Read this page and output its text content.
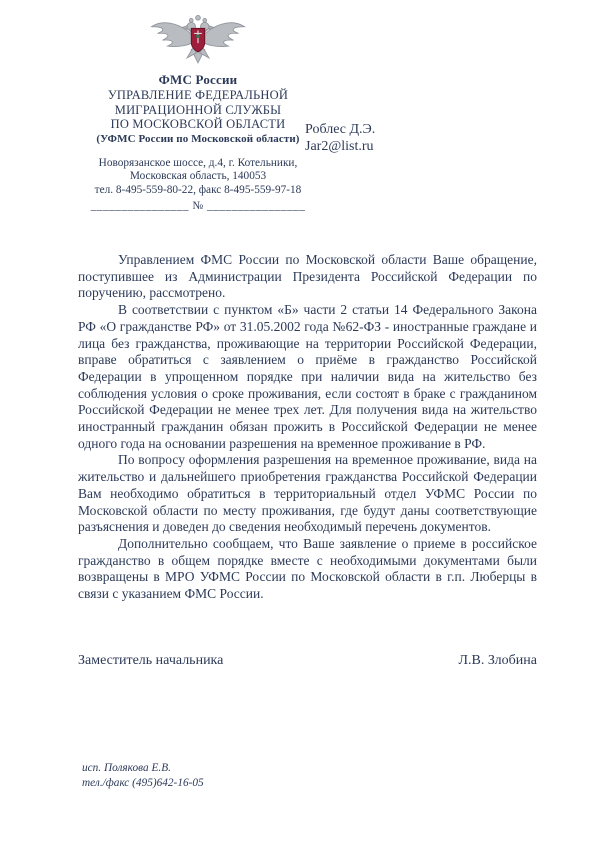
ФМС России
УПРАВЛЕНИЕ ФЕДЕРАЛЬНОЙ
МИГРАЦИОННОЙ СЛУЖБЫ
ПО МОСКОВСКОЙ ОБЛАСТИ
(УФМС России по Московской области)
Новорязанское шоссе, д.4, г. Котельники,
Московская область, 140053
тел. 8-495-559-80-22, факс 8-495-559-97-18
________________ № ________________
Роблес Д.Э.
Jar2@list.ru

Управлением ФМС России по Московской области Ваше обращение, поступившее из Администрации Президента Российской Федерации по поручению, рассмотрено.

В соответствии с пунктом «Б» части 2 статьи 14 Федерального Закона РФ «О гражданстве РФ» от 31.05.2002 года №62-ФЗ - иностранные граждане и лица без гражданства, проживающие на территории Российской Федерации, вправе обратиться с заявлением о приёме в гражданство Российской Федерации в упрощенном порядке при наличии вида на жительство без соблюдения условия о сроке проживания, если состоят в браке с гражданином Российской Федерации не менее трех лет. Для получения вида на жительство иностранный гражданин обязан прожить в Российской Федерации не менее одного года на основании разрешения на временное проживание в РФ.

По вопросу оформления разрешения на временное проживание, вида на жительство и дальнейшего приобретения гражданства Российской Федерации Вам необходимо обратиться в территориальный отдел УФМС России по Московской области по месту проживания, где будут даны соответствующие разъяснения и доведен до сведения необходимый перечень документов.

Дополнительно сообщаем, что Ваше заявление о приеме в российское гражданство в общем порядке вместе с необходимыми документами были возвращены в МРО УФМС России по Московской области в г.п. Люберцы в связи с указанием ФМС России.

Заместитель начальника	Л.В. Злобина
исп. Полякова Е.В.
тел./факс (495)642-16-05
